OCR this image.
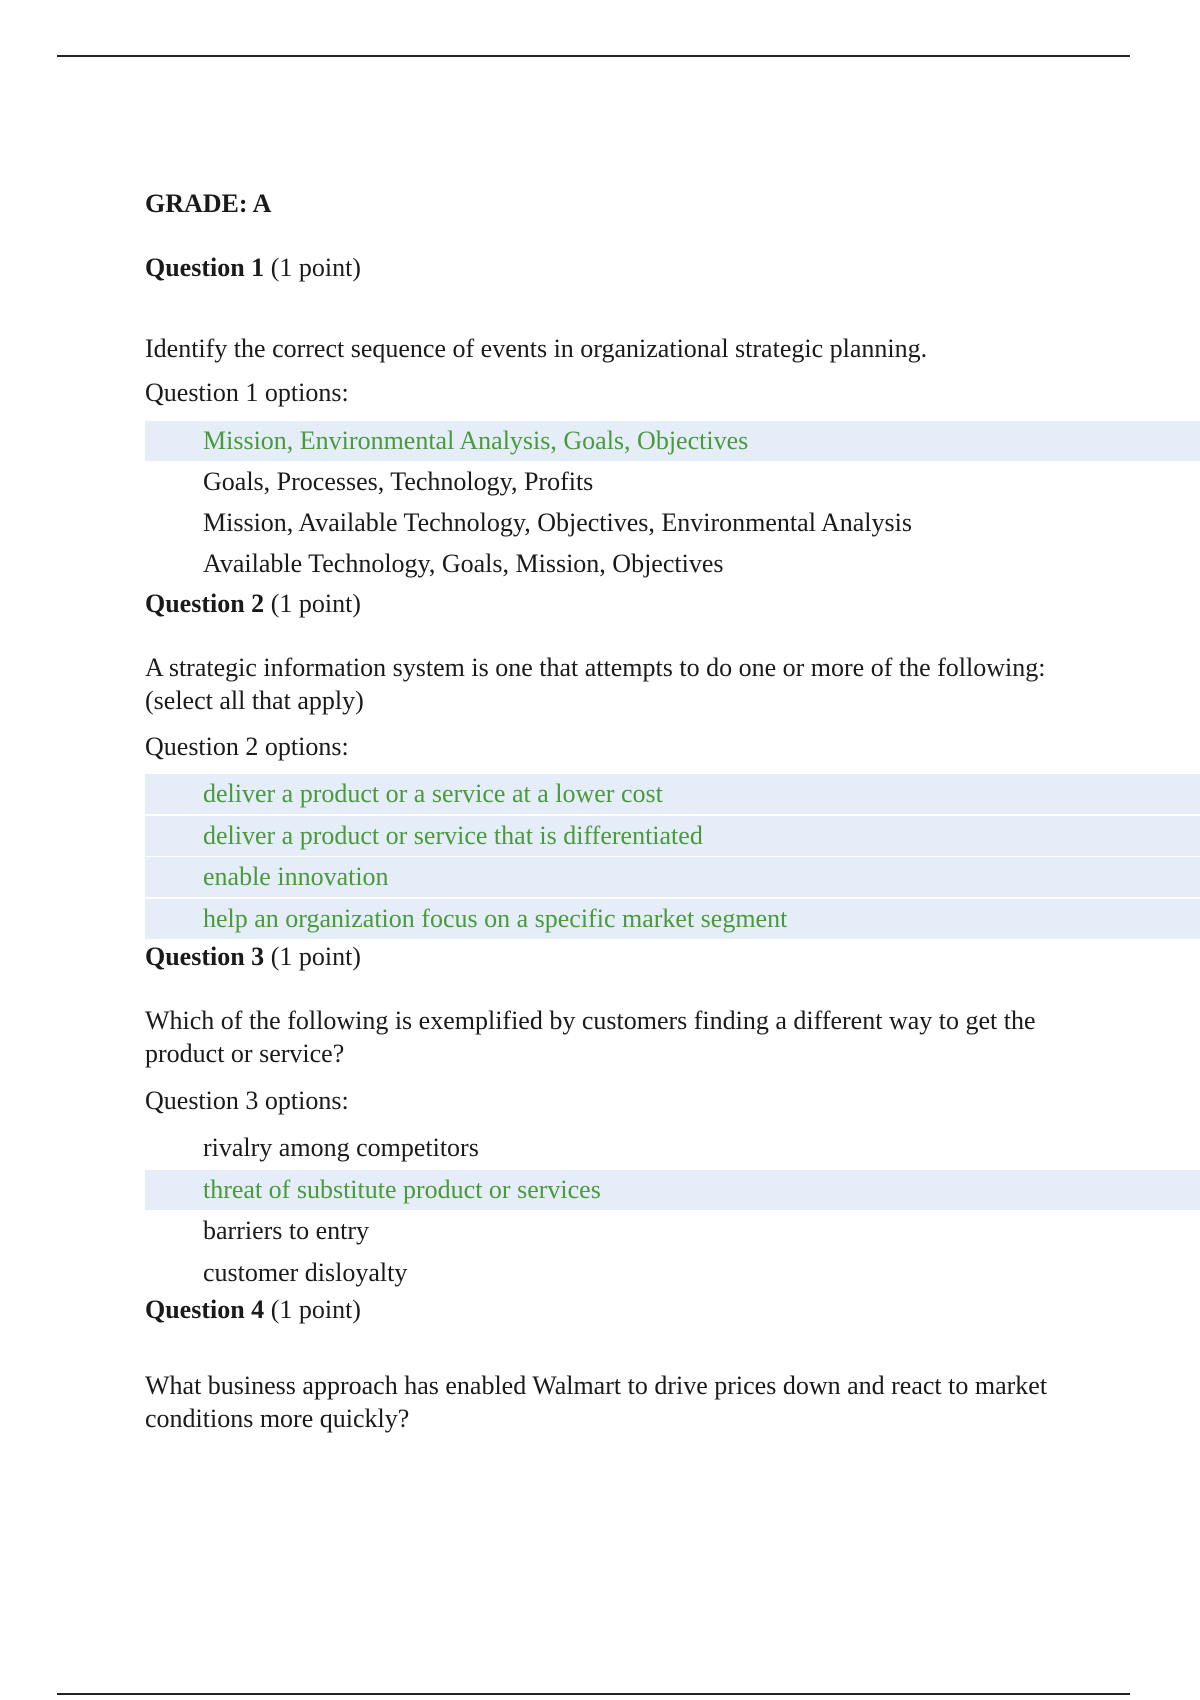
GRADE: A
Question 1 (1 point)
Identify the correct sequence of events in organizational strategic planning.
Question 1 options:
Mission, Environmental Analysis, Goals, Objectives
Goals, Processes, Technology, Profits
Mission, Available Technology, Objectives, Environmental Analysis
Available Technology, Goals, Mission, Objectives
Question 2 (1 point)
A strategic information system is one that attempts to do one or more of the following: (select all that apply)
Question 2 options:
deliver a product or a service at a lower cost
deliver a product or service that is differentiated
enable innovation
help an organization focus on a specific market segment
Question 3 (1 point)
Which of the following is exemplified by customers finding a different way to get the product or service?
Question 3 options:
rivalry among competitors
threat of substitute product or services
barriers to entry
customer disloyalty
Question 4 (1 point)
What business approach has enabled Walmart to drive prices down and react to market conditions more quickly?
